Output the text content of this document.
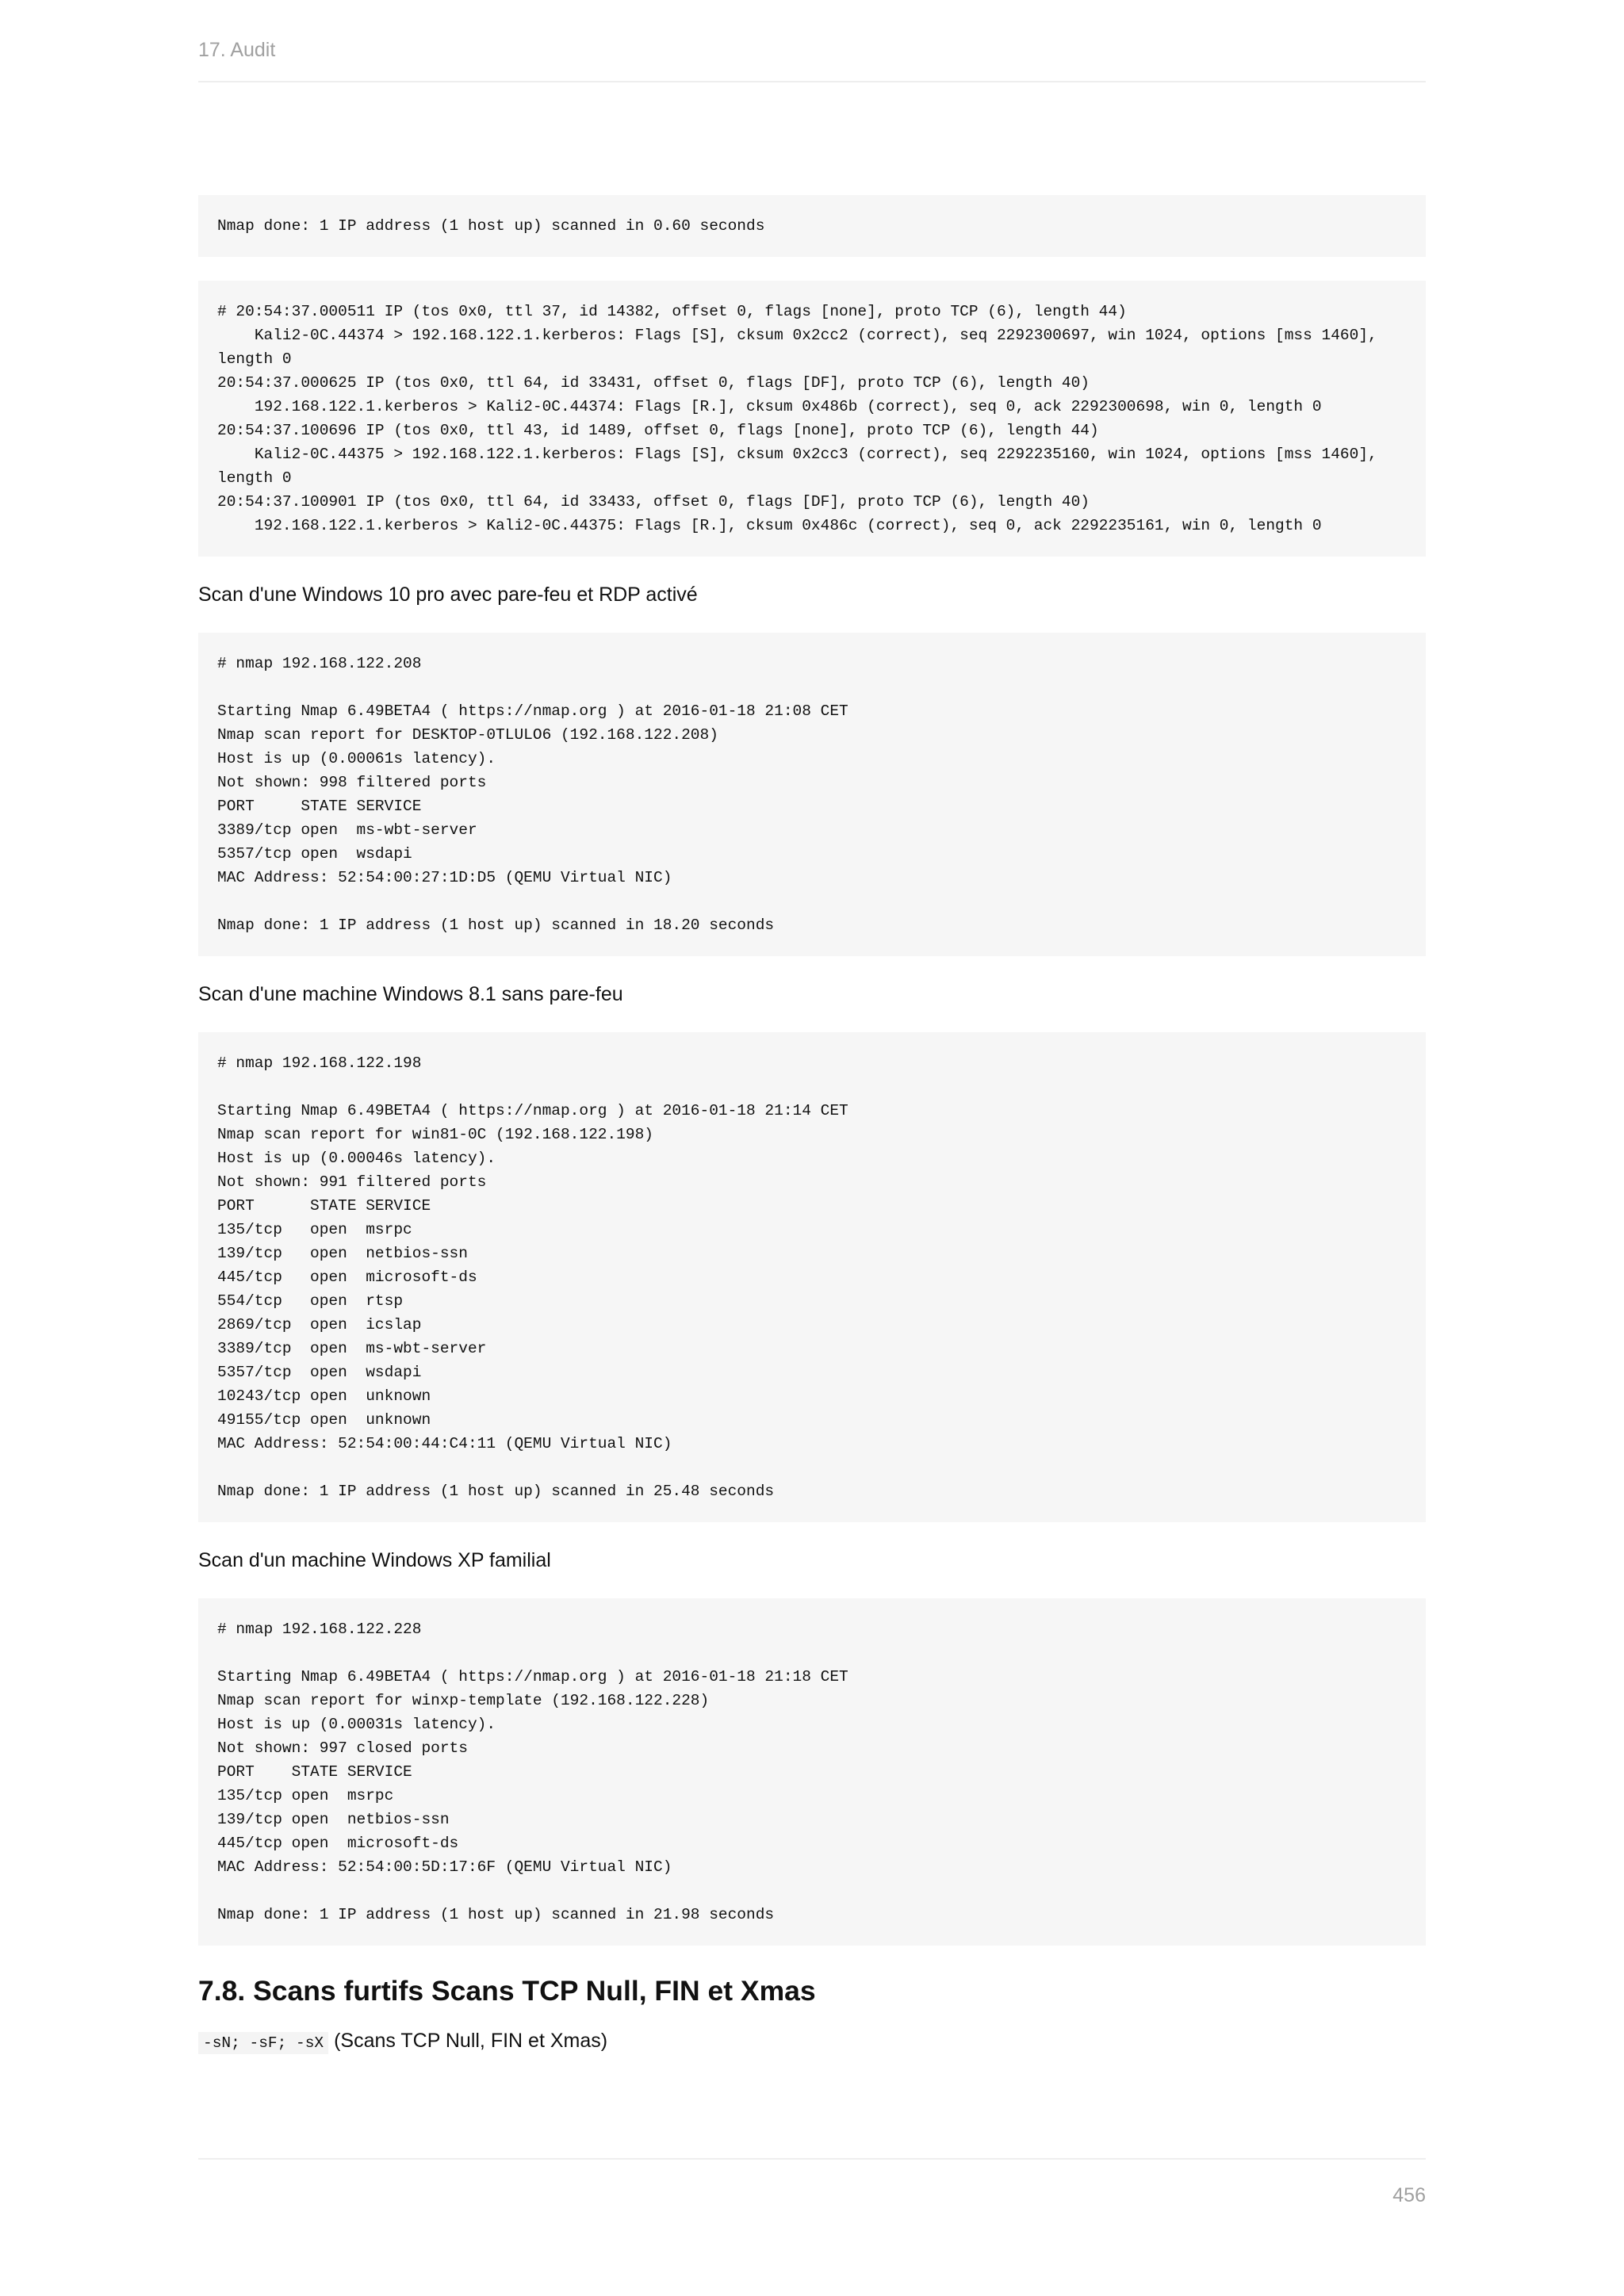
17. Audit
Nmap done: 1 IP address (1 host up) scanned in 0.60 seconds
# 20:54:37.000511 IP (tos 0x0, ttl 37, id 14382, offset 0, flags [none], proto TCP (6), length 44)
Kali2-0C.44374 > 192.168.122.1.kerberos: Flags [S], cksum 0x2cc2 (correct), seq 2292300697, win 1024, options [mss 1460],
length 0
20:54:37.000625 IP (tos 0x0, ttl 64, id 33431, offset 0, flags [DF], proto TCP (6), length 40)
192.168.122.1.kerberos > Kali2-0C.44374: Flags [R.], cksum 0x486b (correct), seq 0, ack 2292300698, win 0, length 0
20:54:37.100696 IP (tos 0x0, ttl 43, id 1489, offset 0, flags [none], proto TCP (6), length 44)
Kali2-0C.44375 > 192.168.122.1.kerberos: Flags [S], cksum 0x2cc3 (correct), seq 2292235160, win 1024, options [mss 1460],
length 0
20:54:37.100901 IP (tos 0x0, ttl 64, id 33433, offset 0, flags [DF], proto TCP (6), length 40)
192.168.122.1.kerberos > Kali2-0C.44375: Flags [R.], cksum 0x486c (correct), seq 0, ack 2292235161, win 0, length 0

Scan d'une Windows 10 pro avec pare-feu et RDP activé

# nmap 192.168.122.208

Starting Nmap 6.49BETA4 ( https://nmap.org ) at 2016-01-18 21:08 CET
Nmap scan report for DESKTOP-0TLULO6 (192.168.122.208)
Host is up (0.00061s latency).
Not shown: 998 filtered ports
PORT     STATE SERVICE
3389/tcp open  ms-wbt-server
5357/tcp open  wsdapi
MAC Address: 52:54:00:27:1D:D5 (QEMU Virtual NIC)

Nmap done: 1 IP address (1 host up) scanned in 18.20 seconds

Scan d'une machine Windows 8.1 sans pare-feu

# nmap 192.168.122.198

Starting Nmap 6.49BETA4 ( https://nmap.org ) at 2016-01-18 21:14 CET
Nmap scan report for win81-0C (192.168.122.198)
Host is up (0.00046s latency).
Not shown: 991 filtered ports
PORT      STATE SERVICE
135/tcp   open  msrpc
139/tcp   open  netbios-ssn
445/tcp   open  microsoft-ds
554/tcp   open  rtsp
2869/tcp  open  icslap
3389/tcp  open  ms-wbt-server
5357/tcp  open  wsdapi
10243/tcp open  unknown
49155/tcp open  unknown
MAC Address: 52:54:00:44:C4:11 (QEMU Virtual NIC)

Nmap done: 1 IP address (1 host up) scanned in 25.48 seconds

Scan d'un machine Windows XP familial

# nmap 192.168.122.228

Starting Nmap 6.49BETA4 ( https://nmap.org ) at 2016-01-18 21:18 CET
Nmap scan report for winxp-template (192.168.122.228)
Host is up (0.00031s latency).
Not shown: 997 closed ports
PORT    STATE SERVICE
135/tcp open  msrpc
139/tcp open  netbios-ssn
445/tcp open  microsoft-ds
MAC Address: 52:54:00:5D:17:6F (QEMU Virtual NIC)

Nmap done: 1 IP address (1 host up) scanned in 21.98 seconds
7.8. Scans furtifs Scans TCP Null, FIN et Xmas

-sN; -sF; -sX (Scans TCP Null, FIN et Xmas)

456
